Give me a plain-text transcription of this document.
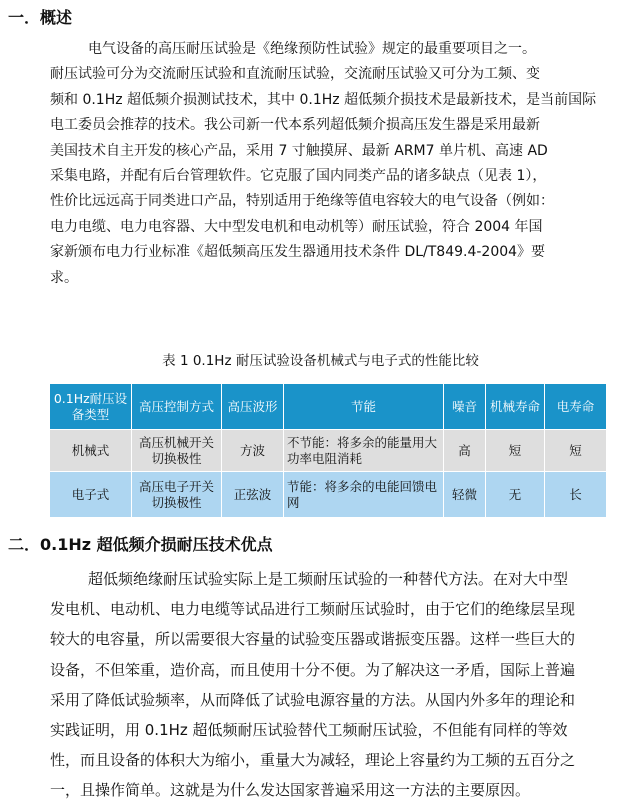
一．概述
电气设备的高压耐压试验是《绝缘预防性试验》规定的最重要项目之一。
耐压试验可分为交流耐压试验和直流耐压试验，交流耐压试验又可分为工频、变
频和 0.1Hz 超低频介损测试技术，其中 0.1Hz 超低频介损技术是最新技术，是当前国际
电工委员会推荐的技术。我公司新一代本系列超低频介损高压发生器是采用最新
美国技术自主开发的核心产品，采用 7 寸触摸屏、最新 ARM7 单片机、高速 AD
采集电路，并配有后台管理软件。它克服了国内同类产品的诸多缺点（见表 1），
性价比远远高于同类进口产品，特别适用于绝缘等值电容较大的电气设备（例如：
电力电缆、电力电容器、大中型发电机和电动机等）耐压试验，符合 2004 年国
家新颁布电力行业标准《超低频高压发生器通用技术条件 DL/T849.4-2004》要
求。
表 1 0.1Hz 耐压试验设备机械式与电子式的性能比较
0.1Hz耐压设备类型	高压控制方式	高压波形	节能	噪音	机械寿命	电寿命
机械式	高压机械开关切换极性	方波	不节能：将多余的能量用大功率电阻消耗	高	短	短
电子式	高压电子开关切换极性	正弦波	节能：将多余的电能回馈电网	轻微	无	长
二．0.1Hz 超低频介损耐压技术优点
超低频绝缘耐压试验实际上是工频耐压试验的一种替代方法。在对大中型
发电机、电动机、电力电缆等试品进行工频耐压试验时，由于它们的绝缘层呈现
较大的电容量，所以需要很大容量的试验变压器或谐振变压器。这样一些巨大的
设备，不但笨重，造价高，而且使用十分不便。为了解决这一矛盾，国际上普遍
采用了降低试验频率，从而降低了试验电源容量的方法。从国内外多年的理论和
实践证明，用 0.1Hz 超低频耐压试验替代工频耐压试验，不但能有同样的等效
性，而且设备的体积大为缩小，重量大为减轻，理论上容量约为工频的五百分之
一，且操作简单。这就是为什么发达国家普遍采用这一方法的主要原因。
